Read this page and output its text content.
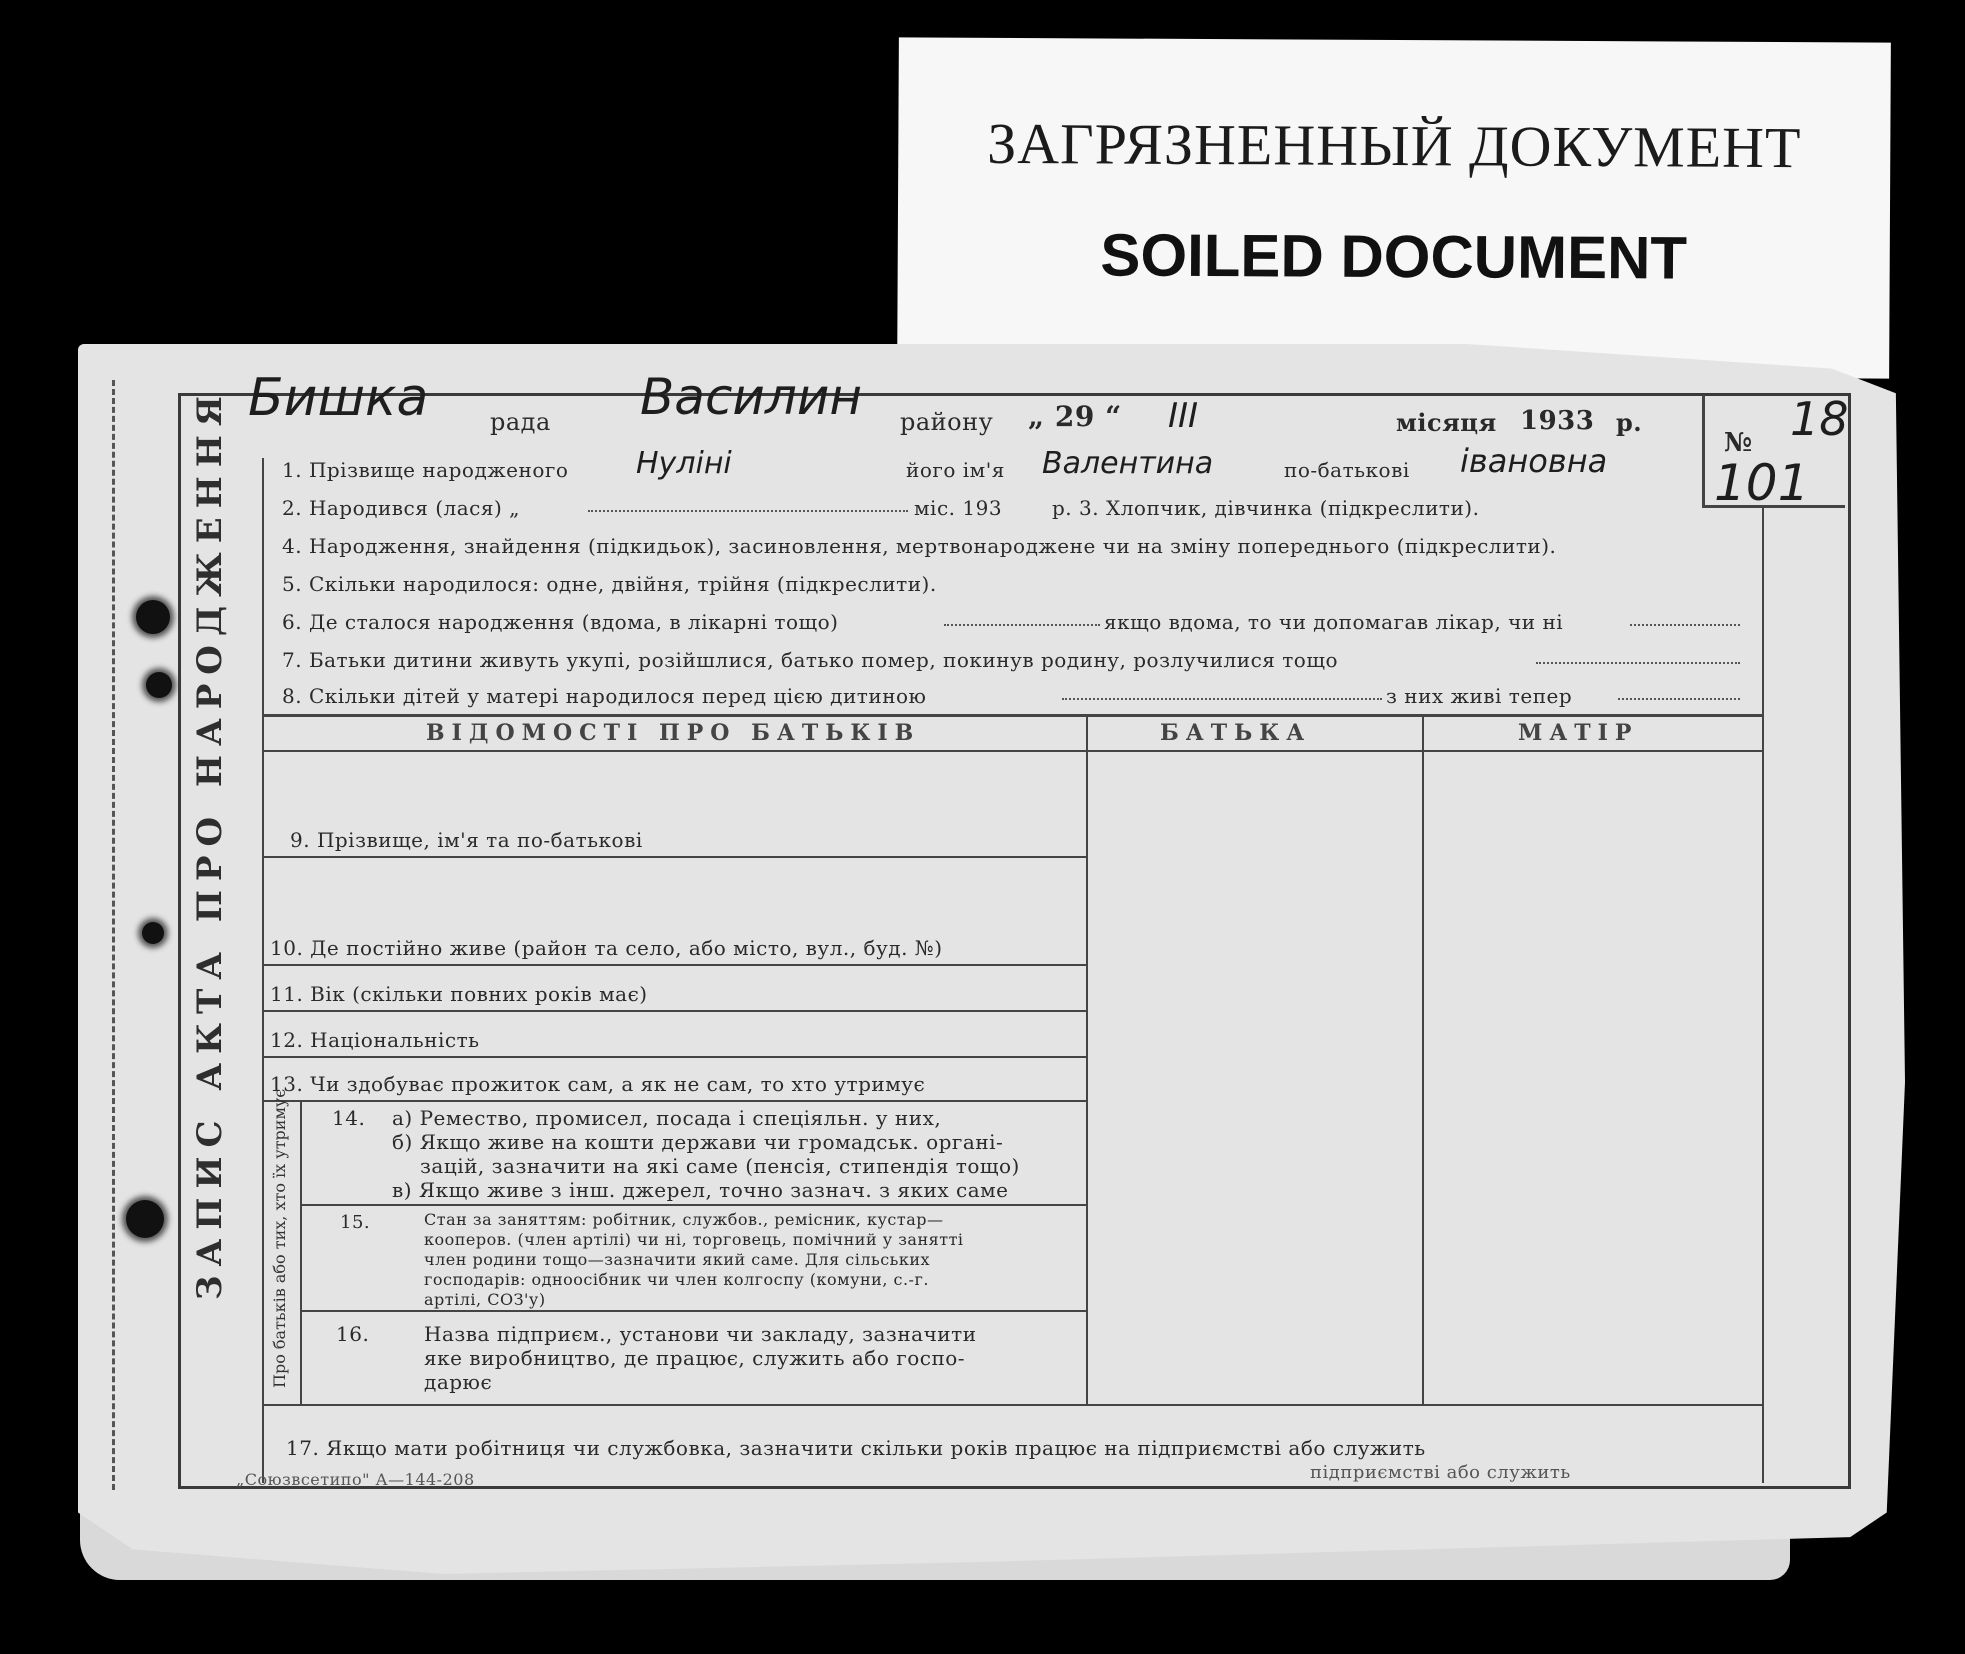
ЗАГРЯЗНЕННЫЙ ДОКУМЕНТ
SOILED DOCUMENT
ЗАПИС АКТА ПРО НАРОДЖЕННЯ Бишка	рада Василин району „ 29 “ ІІІ	місяця 1933 р.
№ 18
101
1. Прізвище народженого Нуліні	його ім'я Валентина	по-батькові івановна
2. Народився (лася) „	міс. 193 р. 3. Хлопчик, дівчинка (підкреслити).
4. Народження, знайдення (підкидьок), засиновлення, мертвонароджене чи на зміну попереднього (підкреслити).
5. Скільки народилося: одне, двійня, трійня (підкреслити).
6. Де сталося народження (вдома, в лікарні тощо)	якщо вдома, то чи допомагав лікар, чи ні
7. Батьки дитини живуть укупі, розійшлися, батько помер, покинув родину, розлучилися тощо
8. Скільки дітей у матері народилося перед цією дитиною	з них живі тепер
ВІДОМОСТІ ПРО БАТЬКІВ	БАТЬКА	МАТІР
9. Прізвище, ім'я та по-батькові
10. Де постійно живе (район та село, або місто, вул., буд. №)
11. Вік (скільки повних років має)
12. Національність
13. Чи здобуває прожиток сам, а як не сам, то хто утримує
Про батьків або тих, хто їх утримує 14. а) Ремество, промисел, посада і спеціяльн. у них,
б) Якщо живе на кошти держави чи громадськ. органі-
зацій, зазначити на які саме (пенсія, стипендія тощо)
в) Якщо живе з інш. джерел, точно зазнач. з яких саме
15.	Стан за заняттям: робітник, службов., ремісник, кустар—
кооперов. (член артілі) чи ні, торговець, помічний у занятті
член родини тощо—зазначити який саме. Для сільських
господарів: одноосібник чи член колгоспу (комуни, с.-г.
артілі, СОЗ'у)
16.	Назва підприєм., установи чи закладу, зазначити
яке виробництво, де працює, служить або госпо-
дарює
17. Якщо мати робітниця чи службовка, зазначити скільки років працює на підприємстві або служить
підприємстві або служить
„Союзвсетипо" А—144-208
